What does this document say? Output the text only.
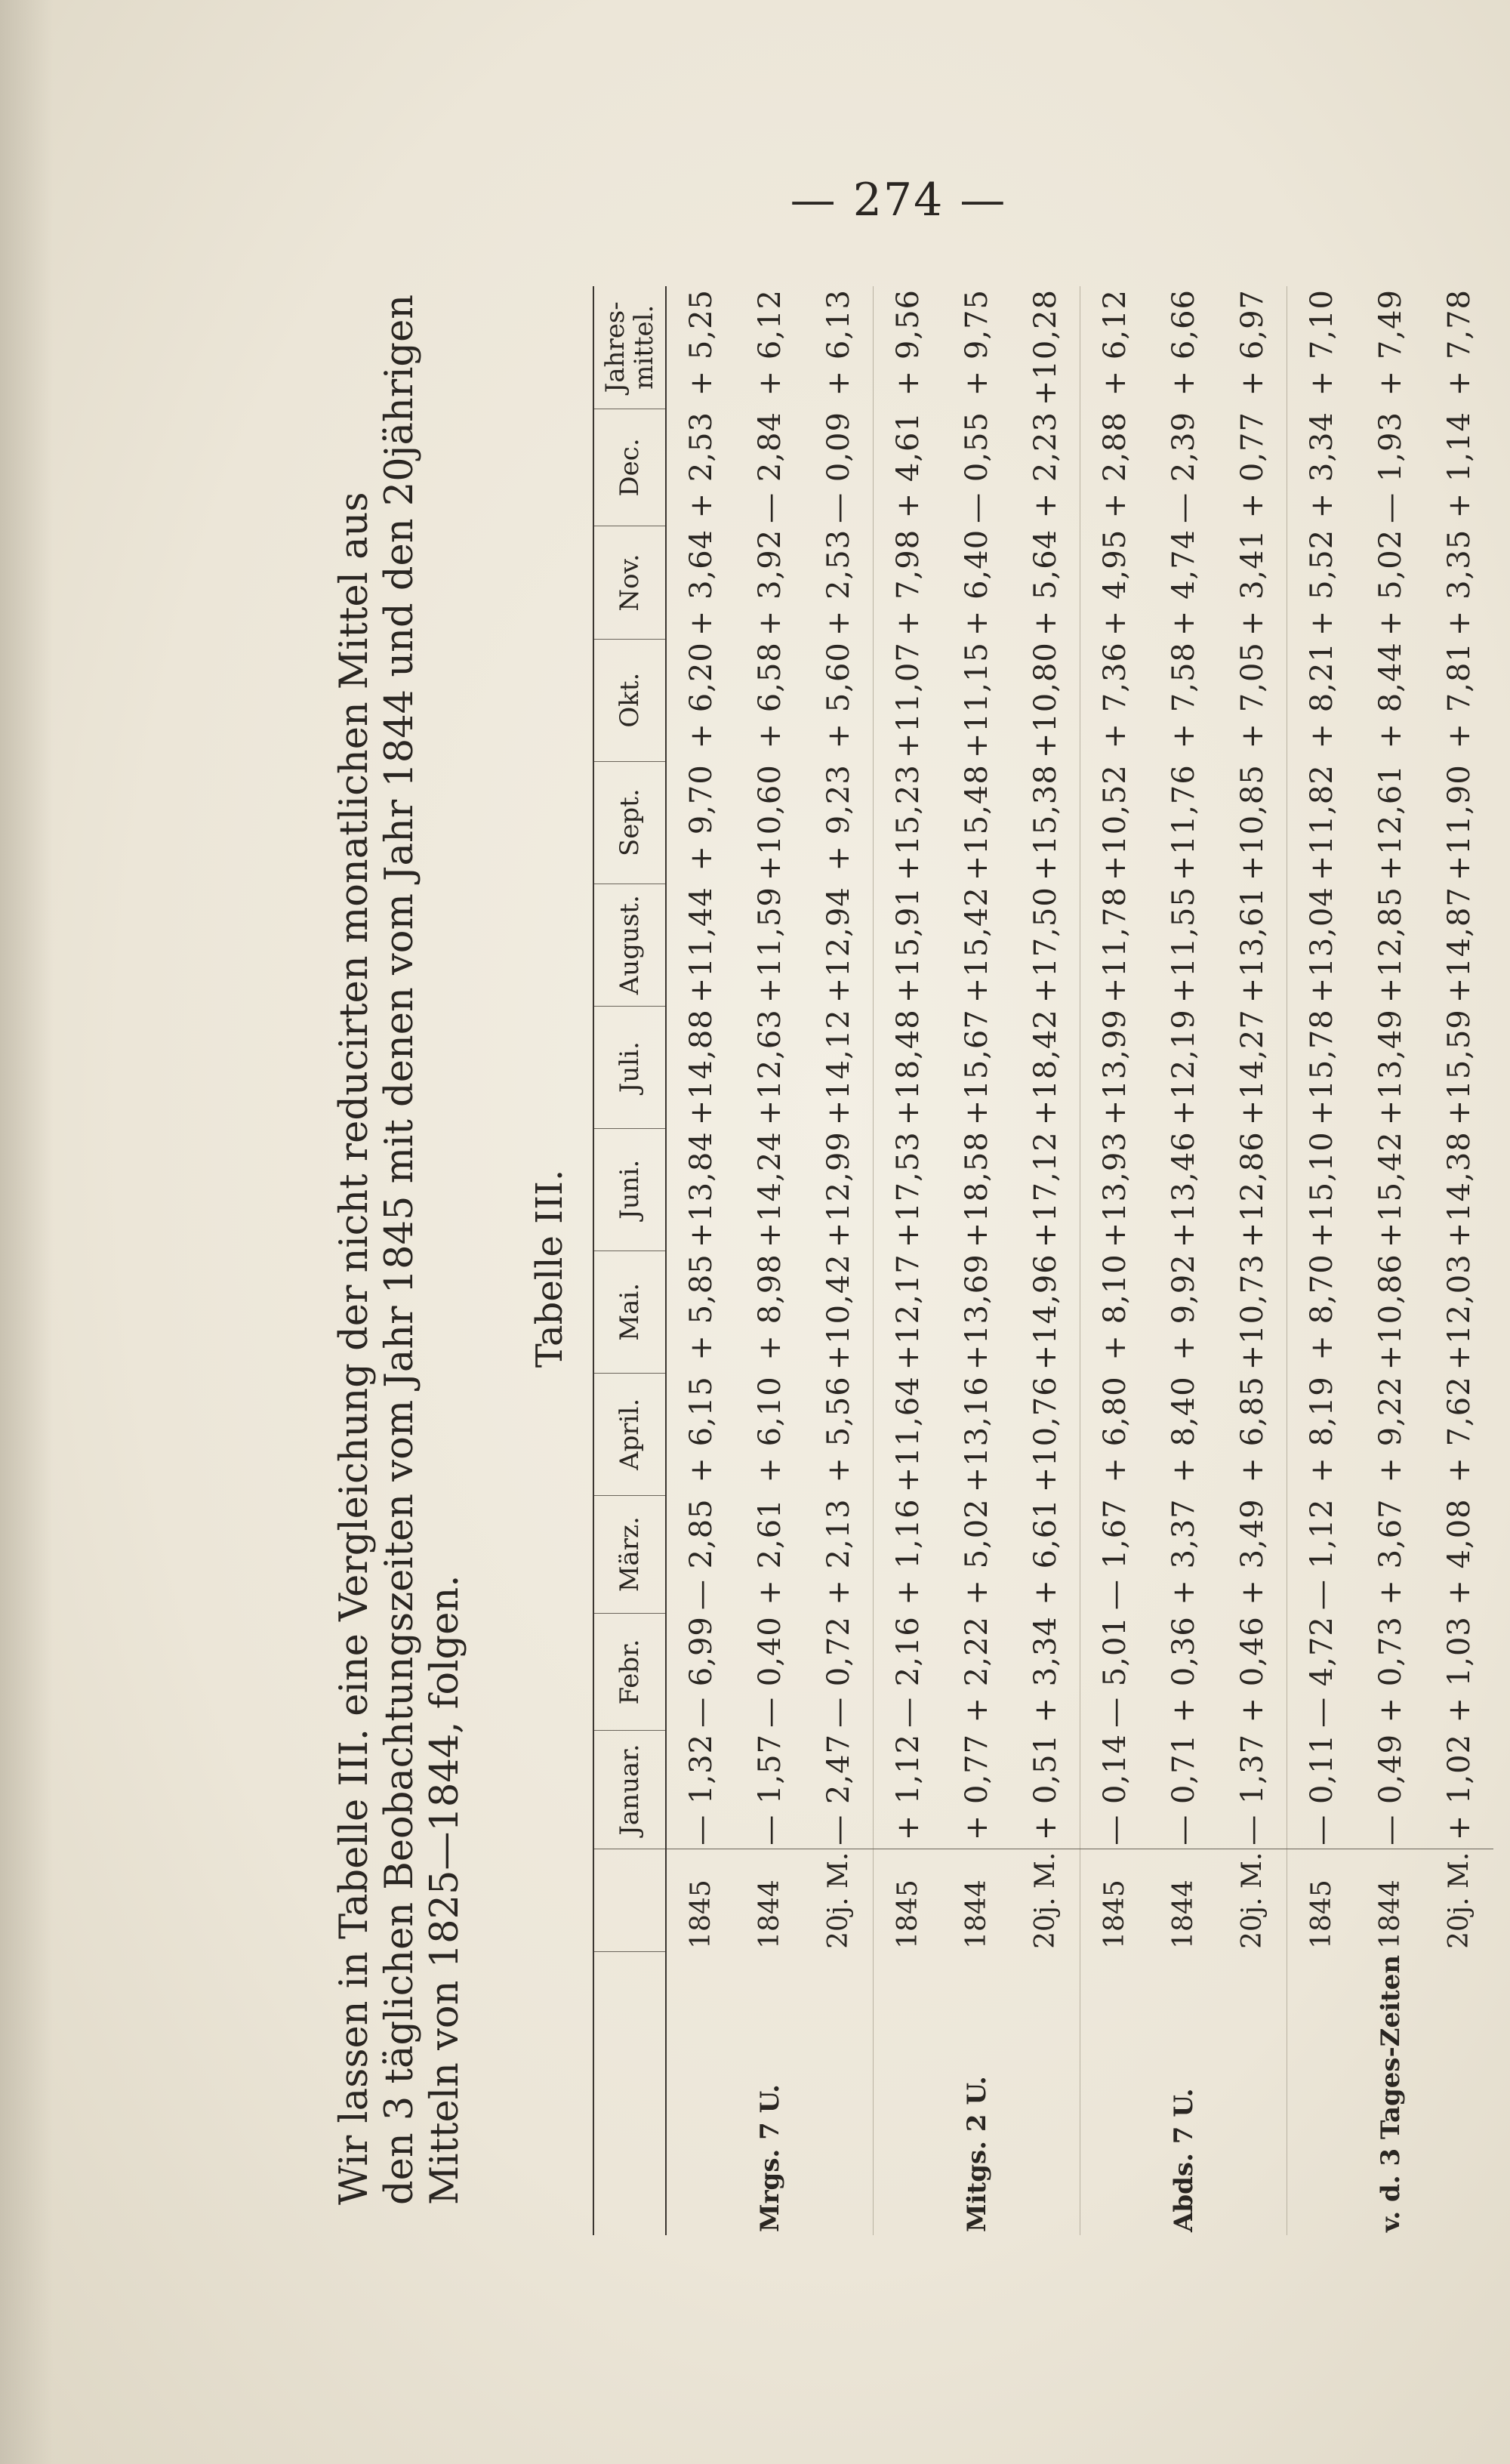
— 274 —
Wir lassen in Tabelle III. eine Vergleichung der nicht reducirten monatlichen Mittel aus den 3 täglichen Beobachtungszeiten vom Jahr 1845 mit denen vom Jahr 1844 und den 20jährigen Mitteln von 1825—1844, folgen.
Tabelle III.
		Januar.	Febr.	März.	April.	Mai.	Juni.	Juli.	August.	Sept.	Okt.	Nov.	Dec.	Jahres-mittel.
Mrgs. 7 U.	1845	— 1,32	— 6,99	— 2,85	+ 6,15	+ 5,85	+13,84	+14,88	+11,44	+ 9,70	+ 6,20	+ 3,64	+ 2,53	+ 5,25
	1844	— 1,57	— 0,40	+ 2,61	+ 6,10	+ 8,98	+14,24	+12,63	+11,59	+10,60	+ 6,58	+ 3,92	— 2,84	+ 6,12
	20j. M.	— 2,47	— 0,72	+ 2,13	+ 5,56	+10,42	+12,99	+14,12	+12,94	+ 9,23	+ 5,60	+ 2,53	— 0,09	+ 6,13
Mitgs. 2 U.	1845	+ 1,12	— 2,16	+ 1,16	+11,64	+12,17	+17,53	+18,48	+15,91	+15,23	+11,07	+ 7,98	+ 4,61	+ 9,56
	1844	+ 0,77	+ 2,22	+ 5,02	+13,16	+13,69	+18,58	+15,67	+15,42	+15,48	+11,15	+ 6,40	— 0,55	+ 9,75
	20j. M.	+ 0,51	+ 3,34	+ 6,61	+10,76	+14,96	+17,12	+18,42	+17,50	+15,38	+10,80	+ 5,64	+ 2,23	+10,28
Abds. 7 U.	1845	— 0,14	— 5,01	— 1,67	+ 6,80	+ 8,10	+13,93	+13,99	+11,78	+10,52	+ 7,36	+ 4,95	+ 2,88	+ 6,12
	1844	— 0,71	+ 0,36	+ 3,37	+ 8,40	+ 9,92	+13,46	+12,19	+11,55	+11,76	+ 7,58	+ 4,74	— 2,39	+ 6,66
	20j. M.	— 1,37	+ 0,46	+ 3,49	+ 6,85	+10,73	+12,86	+14,27	+13,61	+10,85	+ 7,05	+ 3,41	+ 0,77	+ 6,97
v. d. 3 Tages-Zeiten	1845	— 0,11	— 4,72	— 1,12	+ 8,19	+ 8,70	+15,10	+15,78	+13,04	+11,82	+ 8,21	+ 5,52	+ 3,34	+ 7,10
	1844	— 0,49	+ 0,73	+ 3,67	+ 9,22	+10,86	+15,42	+13,49	+12,85	+12,61	+ 8,44	+ 5,02	— 1,93	+ 7,49
	20j. M.	+ 1,02	+ 1,03	+ 4,08	+ 7,62	+12,03	+14,38	+15,59	+14,87	+11,90	+ 7,81	+ 3,35	+ 1,14	+ 7,78
